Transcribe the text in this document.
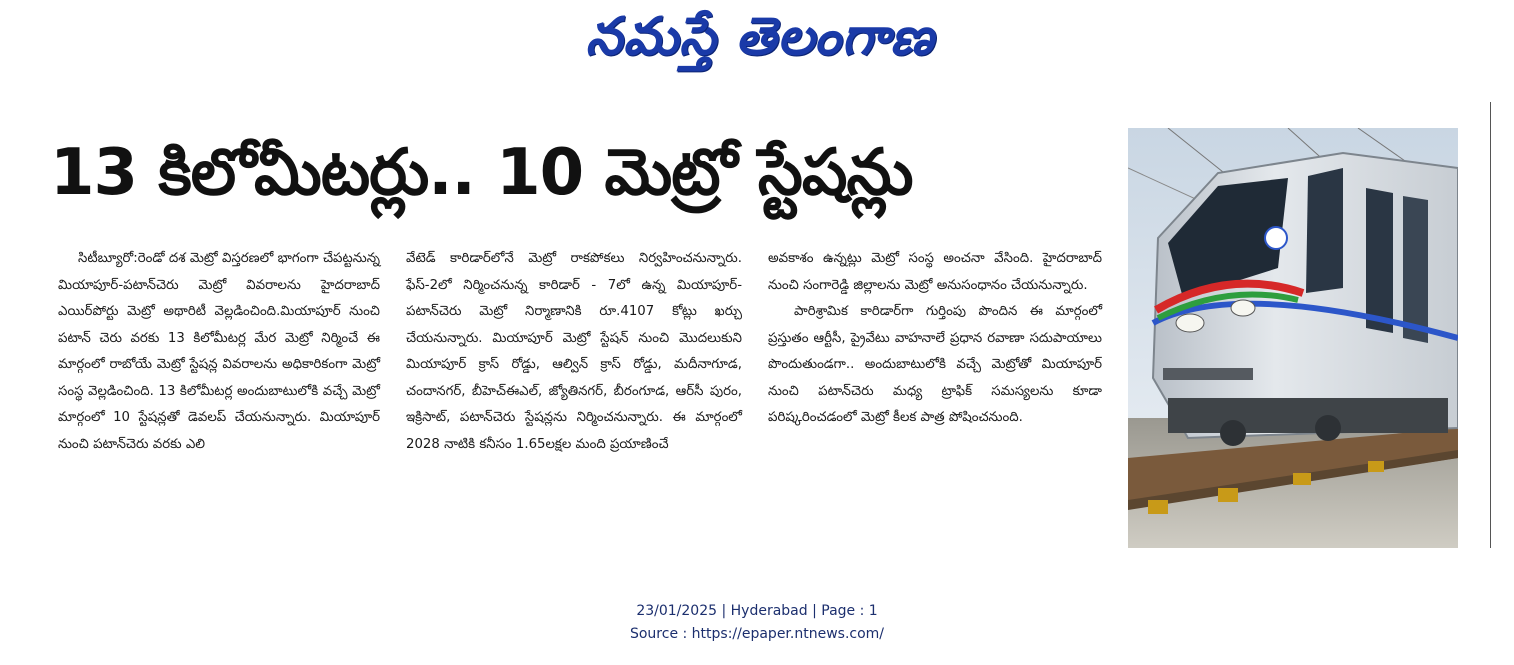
నమస్తే తెలంగాణ
13 కిలోమీటర్లు.. 10 మెట్రో స్టేషన్లు

సిటీబ్యూరో:రెండో దశ మెట్రో విస్తరణలో భాగంగా చేపట్టనున్న మియాపూర్-పటాన్‌చెరు మెట్రో వివరాలను హైదరాబాద్ ఎయిర్‌పోర్టు మెట్రో అథారిటీ వెల్లడించింది.మియాపూర్ నుంచి పటాన్ చెరు వరకు 13 కిలోమీటర్ల మేర మెట్రో నిర్మించే ఈ మార్గంలో రాబోయే మెట్రో స్టేషన్ల వివరాలను అధికారికంగా మెట్రో సంస్థ వెల్లడించింది. 13 కిలోమీటర్ల అందుబాటులోకి వచ్చే మెట్రో మార్గంలో 10 స్టేషన్లతో డెవలప్ చేయనున్నారు. మియాపూర్ నుంచి పటాన్‌చెరు వరకు ఎలి

వేటెడ్ కారిడార్‌లోనే మెట్రో రాకపోకలు నిర్వహించనున్నారు. ఫేస్-2లో నిర్మించనున్న కారిడార్ - 7లో ఉన్న మియాపూర్-పటాన్‌చెరు మెట్రో నిర్మాణానికి రూ.4107 కోట్లు ఖర్చు చేయనున్నారు. మియాపూర్ మెట్రో స్టేషన్ నుంచి మొదలుకుని మియాపూర్ క్రాస్ రోడ్డు, ఆల్విన్ క్రాస్ రోడ్డు, మదీనాగూడ, చందానగర్, బీహెచ్ఈఎల్, జ్యోతినగర్, బీరంగూడ, ఆర్‌సీ పురం, ఇక్రిసాట్, పటాన్‌చెరు స్టేషన్లను నిర్మించనున్నారు. ఈ మార్గంలో 2028 నాటికి కనీసం 1.65లక్షల మంది ప్రయాణించే

అవకాశం ఉన్నట్లు మెట్రో సంస్థ అంచనా వేసింది. హైదరాబాద్ నుంచి సంగారెడ్డి జిల్లాలను మెట్రో అనుసంధానం చేయనున్నారు.

పారిశ్రామిక కారిడార్‌గా గుర్తింపు పొందిన ఈ మార్గంలో ప్రస్తుతం ఆర్టీసీ, ప్రైవేటు వాహనాలే ప్రధాన రవాణా సదుపాయాలు పొందుతుండగా.. అందుబాటులోకి వచ్చే మెట్రోతో మియాపూర్ నుంచి పటాన్‌చెరు మధ్య ట్రాఫిక్ సమస్యలను కూడా పరిష్కరించడంలో మెట్రో కీలక పాత్ర పోషించనుంది.

23/01/2025 | Hyderabad | Page : 1
Source : https://epaper.ntnews.com/
